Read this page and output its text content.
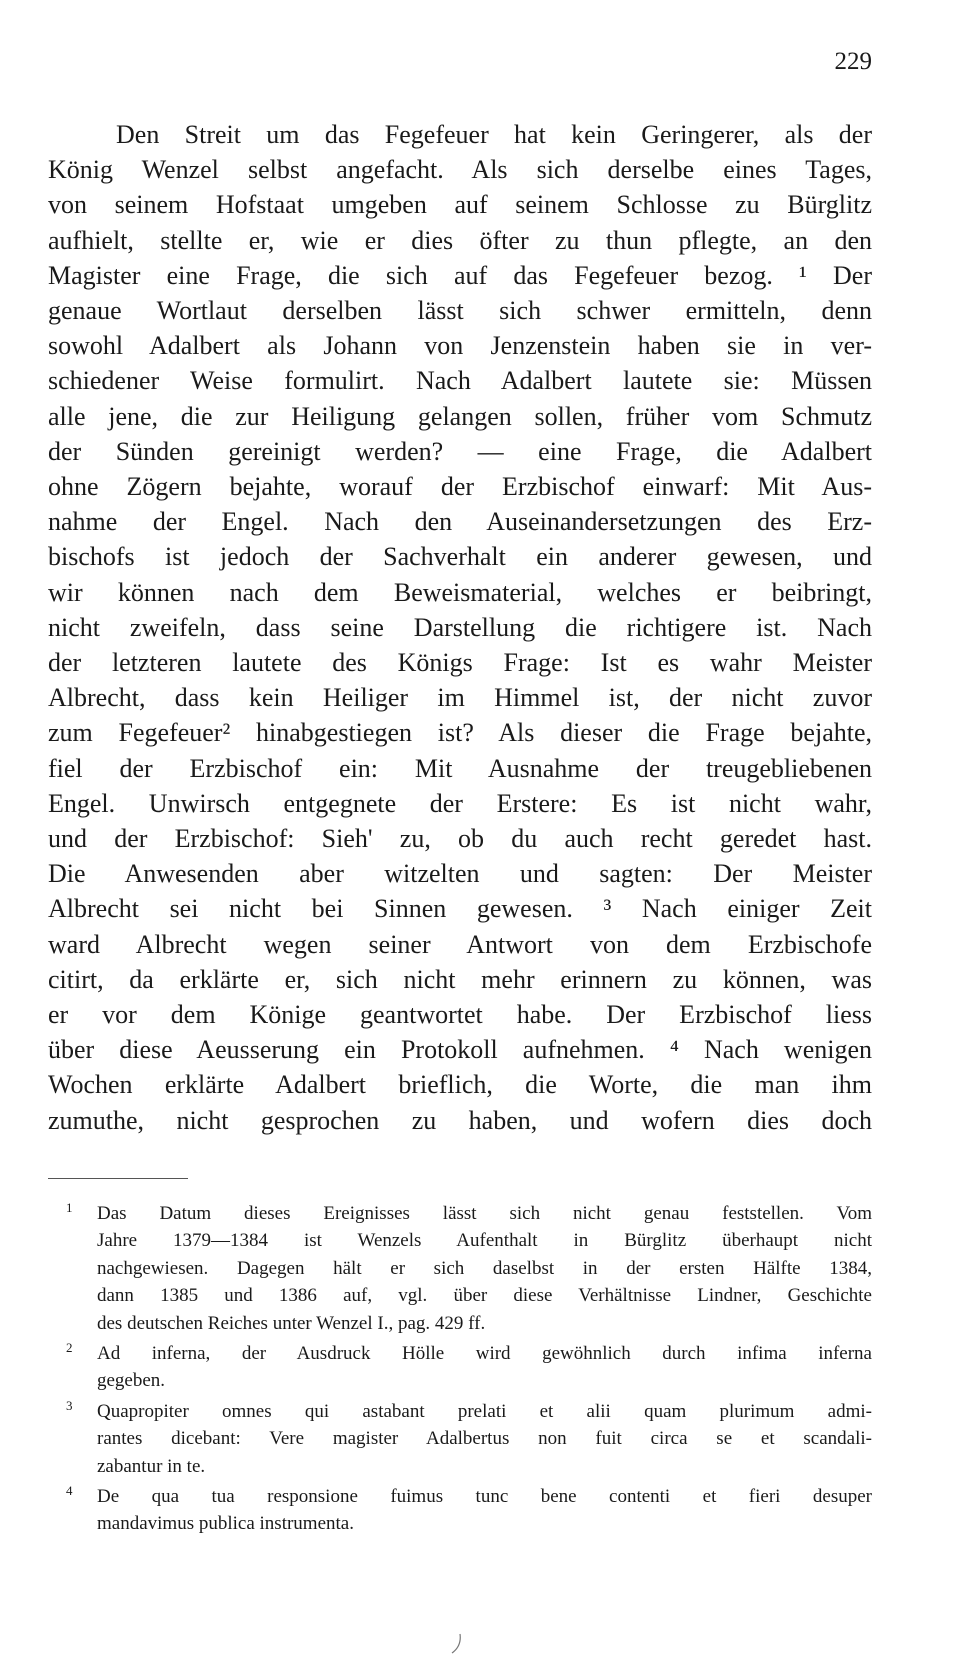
229
Den Streit um das Fegefeuer hat kein Geringerer, als der
König Wenzel selbst angefacht. Als sich derselbe eines Tages,
von seinem Hofstaat umgeben auf seinem Schlosse zu Bürglitz
aufhielt, stellte er, wie er dies öfter zu thun pflegte, an den
Magister eine Frage, die sich auf das Fegefeuer bezog. ¹ Der
genaue Wortlaut derselben lässt sich schwer ermitteln, denn
sowohl Adalbert als Johann von Jenzenstein haben sie in ver-
schiedener Weise formulirt. Nach Adalbert lautete sie: Müssen
alle jene, die zur Heiligung gelangen sollen, früher vom Schmutz
der Sünden gereinigt werden? — eine Frage, die Adalbert
ohne Zögern bejahte, worauf der Erzbischof einwarf: Mit Aus-
nahme der Engel. Nach den Auseinandersetzungen des Erz-
bischofs ist jedoch der Sachverhalt ein anderer gewesen, und
wir können nach dem Beweismaterial, welches er beibringt,
nicht zweifeln, dass seine Darstellung die richtigere ist. Nach
der letzteren lautete des Königs Frage: Ist es wahr Meister
Albrecht, dass kein Heiliger im Himmel ist, der nicht zuvor
zum Fegefeuer² hinabgestiegen ist? Als dieser die Frage bejahte,
fiel der Erzbischof ein: Mit Ausnahme der treugebliebenen
Engel. Unwirsch entgegnete der Erstere: Es ist nicht wahr,
und der Erzbischof: Sieh' zu, ob du auch recht geredet hast.
Die Anwesenden aber witzelten und sagten: Der Meister
Albrecht sei nicht bei Sinnen gewesen. ³ Nach einiger Zeit
ward Albrecht wegen seiner Antwort von dem Erzbischofe
citirt, da erklärte er, sich nicht mehr erinnern zu können, was
er vor dem Könige geantwortet habe. Der Erzbischof liess
über diese Aeusserung ein Protokoll aufnehmen. ⁴ Nach wenigen
Wochen erklärte Adalbert brieflich, die Worte, die man ihm
zumuthe, nicht gesprochen zu haben, und wofern dies doch
1 Das Datum dieses Ereignisses lässt sich nicht genau feststellen. Vom
Jahre 1379—1384 ist Wenzels Aufenthalt in Bürglitz überhaupt nicht
nachgewiesen. Dagegen hält er sich daselbst in der ersten Hälfte 1384,
dann 1385 und 1386 auf, vgl. über diese Verhältnisse Lindner, Geschichte
des deutschen Reiches unter Wenzel I., pag. 429 ff.
2 Ad inferna, der Ausdruck Hölle wird gewöhnlich durch infima inferna
gegeben.
3 Quapropiter omnes qui astabant prelati et alii quam plurimum admi-
rantes dicebant: Vere magister Adalbertus non fuit circa se et scandali-
zabantur in te.
4 De qua tua responsione fuimus tunc bene contenti et fieri desuper
mandavimus publica instrumenta.
